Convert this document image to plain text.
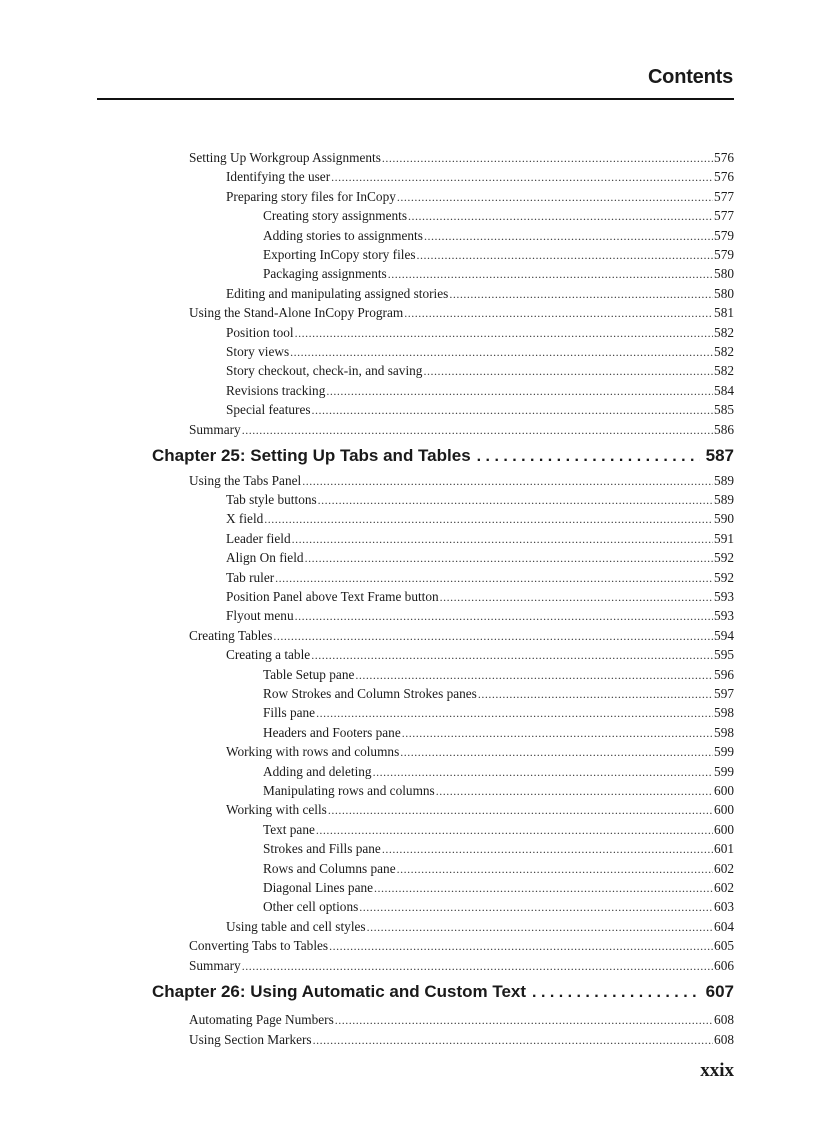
Contents
Setting Up Workgroup Assignments .....	576
Identifying the user .....	576
Preparing story files for InCopy .....	577
Creating story assignments .....	577
Adding stories to assignments .....	579
Exporting InCopy story files .....	579
Packaging assignments .....	580
Editing and manipulating assigned stories .....	580
Using the Stand-Alone InCopy Program .....	581
Position tool .....	582
Story views .....	582
Story checkout, check-in, and saving .....	582
Revisions tracking .....	584
Special features .....	585
Summary .....	586
Chapter 25: Setting Up Tabs and Tables . . .	587
Using the Tabs Panel .....	589
Tab style buttons .....	589
X field .....	590
Leader field .....	591
Align On field .....	592
Tab ruler .....	592
Position Panel above Text Frame button .....	593
Flyout menu .....	593
Creating Tables .....	594
Creating a table .....	595
Table Setup pane .....	596
Row Strokes and Column Strokes panes .....	597
Fills pane .....	598
Headers and Footers pane .....	598
Working with rows and columns .....	599
Adding and deleting .....	599
Manipulating rows and columns .....	600
Working with cells .....	600
Text pane .....	600
Strokes and Fills pane .....	601
Rows and Columns pane .....	602
Diagonal Lines pane .....	602
Other cell options .....	603
Using table and cell styles .....	604
Converting Tabs to Tables .....	605
Summary .....	606
Chapter 26: Using Automatic and Custom Text . . .	607
Automating Page Numbers .....	608
Using Section Markers .....	608
xxix
